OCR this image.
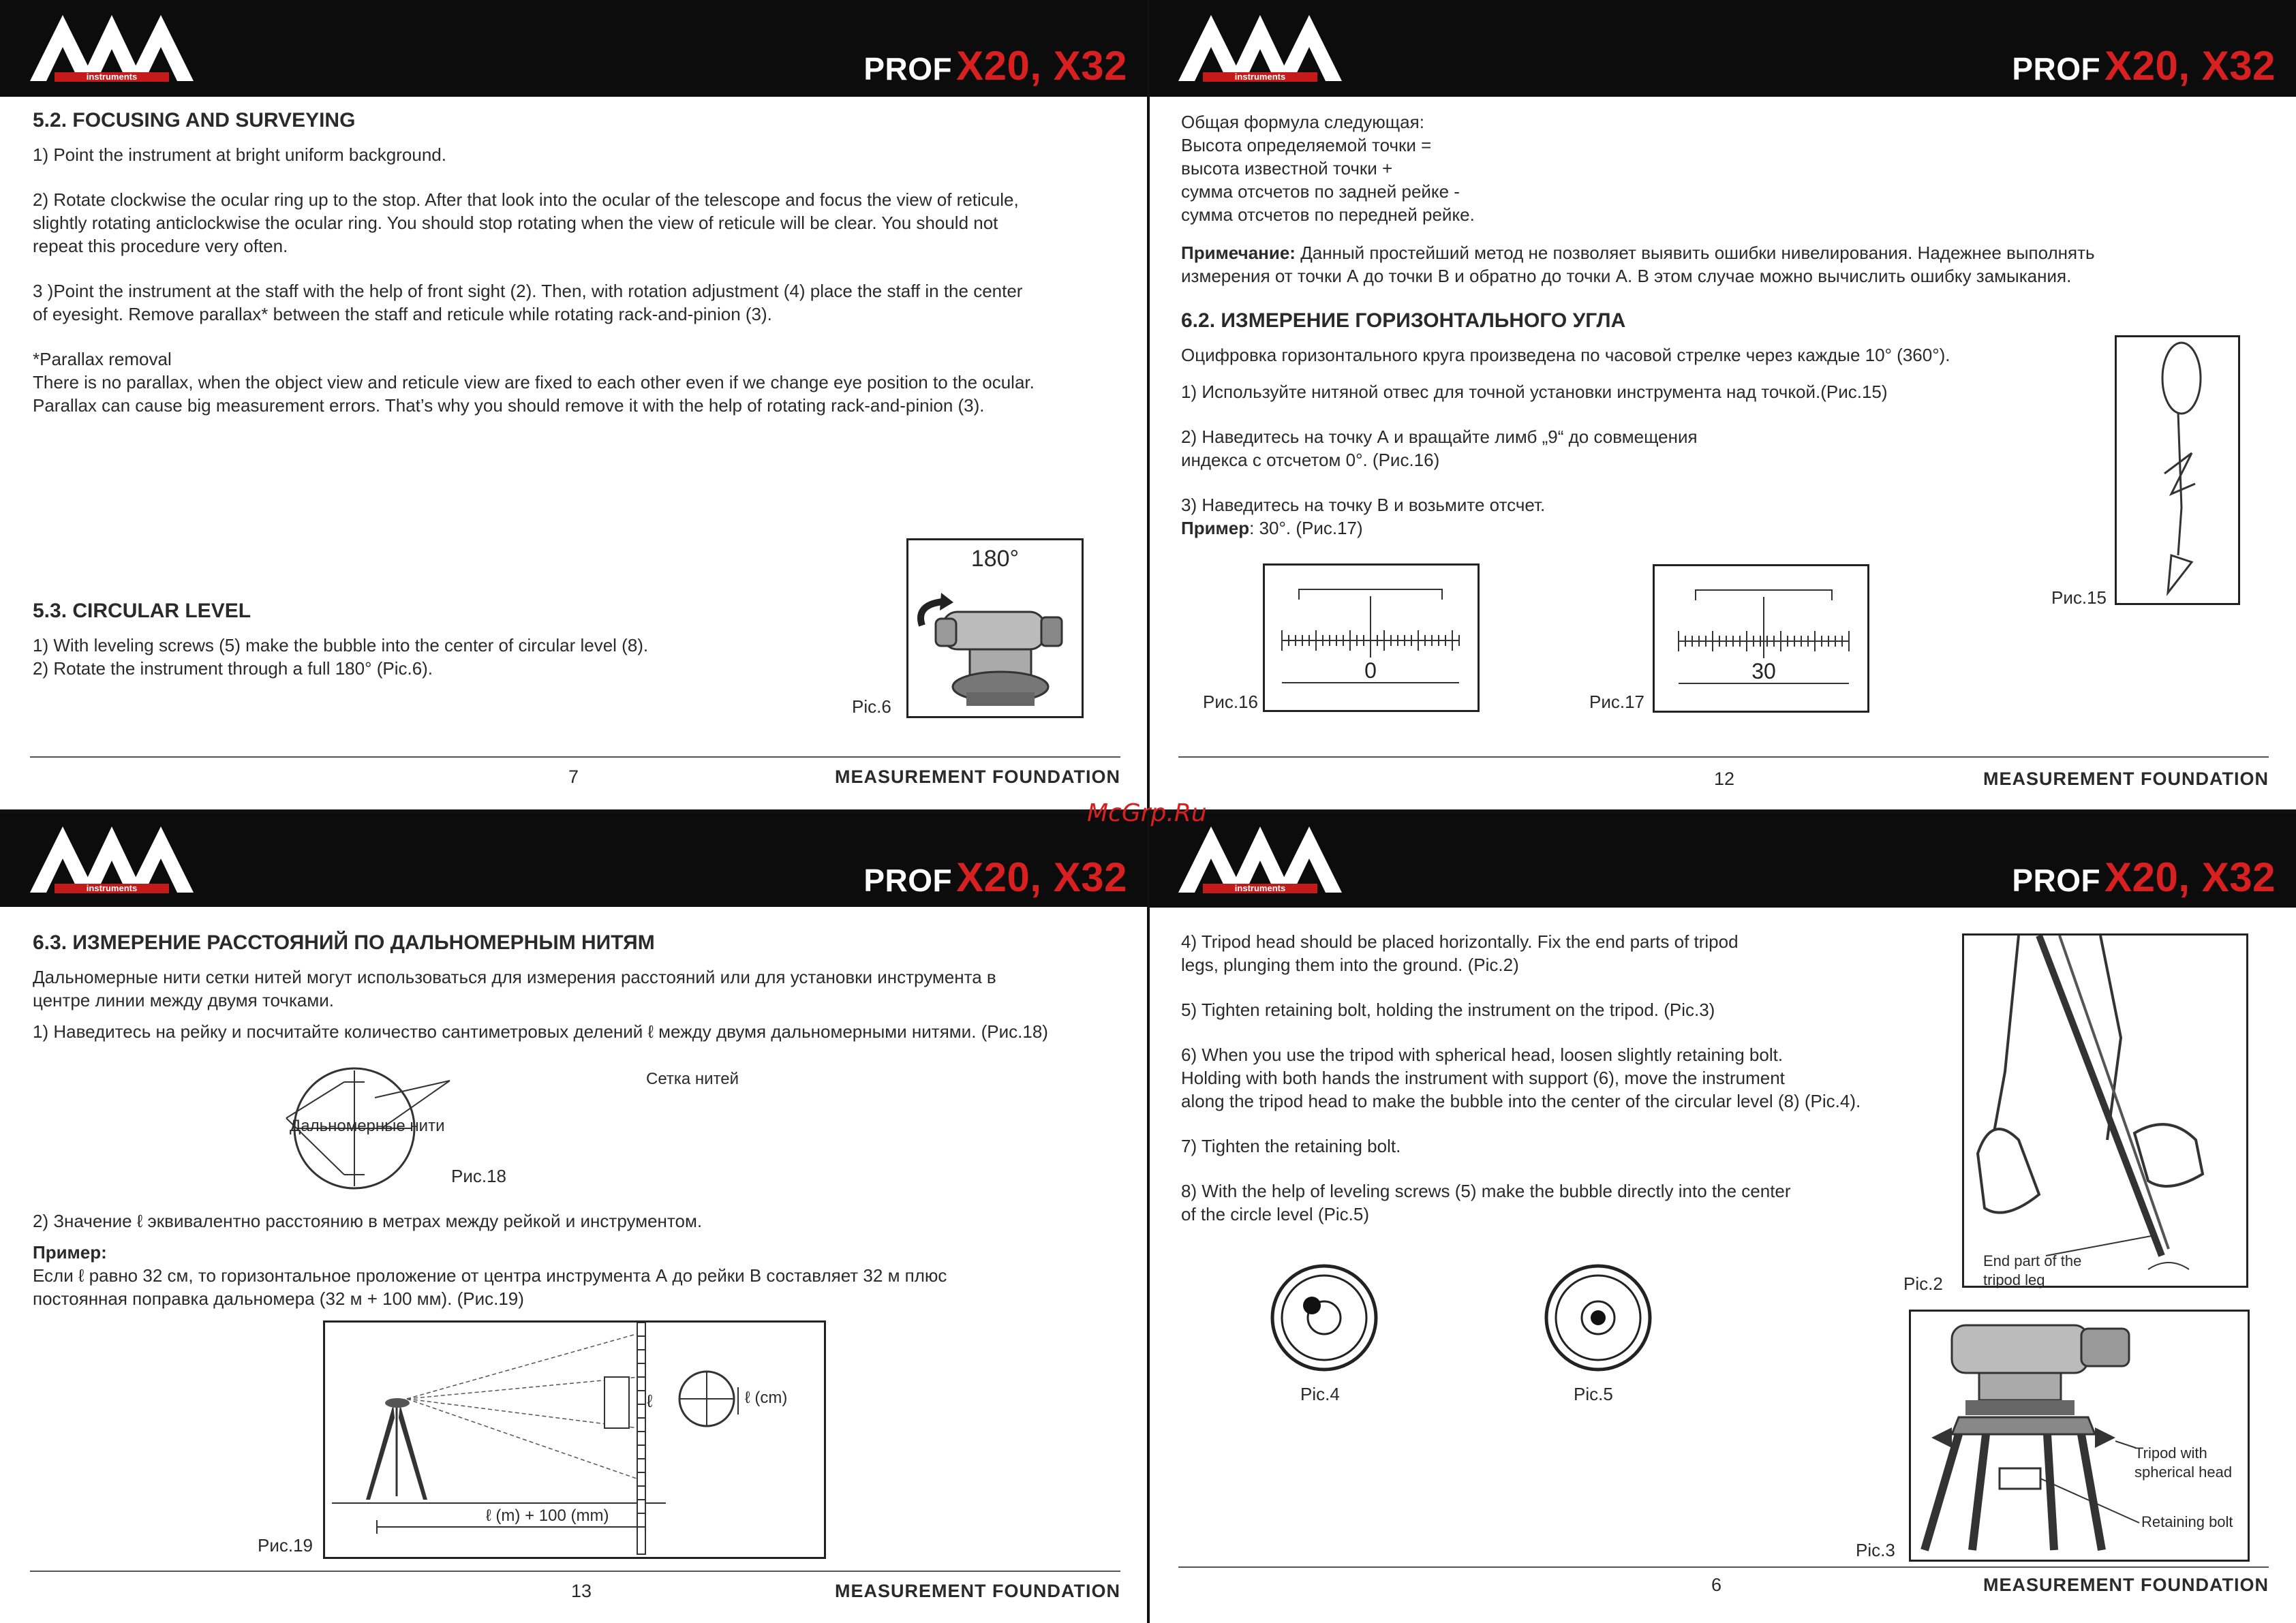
instruments	PROF X20, X32
5.2. FOCUSING AND SURVEYING

1) Point the instrument at bright uniform background.

2) Rotate clockwise the ocular ring up to the stop. After that look into the ocular of the telescope and focus the view of reticule,
slightly rotating anticlockwise the ocular ring. You should stop rotating when the view of reticule will be clear. You should not
repeat this procedure very often.

3 )Point the instrument at the staff with the help of front sight (2). Then, with rotation adjustment (4) place the staff in the center
of eyesight. Remove parallax* between the staff and reticule while rotating rack-and-pinion (3).

*Parallax removal
There is no parallax, when the object view and reticule view are fixed to each other even if we change eye position to the ocular.
Parallax can cause big measurement errors. That’s why you should remove it with the help of rotating rack-and-pinion (3).

5.3. CIRCULAR LEVEL
1) With leveling screws (5) make the bubble into the center of circular level (8).
2) Rotate the instrument through a full 180° (Pic.6).
180°
Pic.6
7	MEASUREMENT FOUNDATION
instruments	PROF X20, X32
Общая формула следующая:
Высота определяемой точки =
высота известной точки +
сумма отсчетов по задней рейке -
сумма отсчетов по передней рейке.

Примечание: Данный простейший метод не позволяет выявить ошибки нивелирования. Надежнее выполнять
измерения от точки А до точки В и обратно до точки А. В этом случае можно вычислить ошибку замыкания.

6.2. ИЗМЕРЕНИЕ ГОРИЗОНТАЛЬНОГО УГЛА

Оцифровка горизонтального круга произведена по часовой стрелке через каждые 10° (360°).

1) Используйте нитяной отвес для точной установки инструмента над точкой.(Рис.15)

2) Наведитесь на точку А и вращайте лимб „9“ до совмещения
индекса с отсчетом 0°. (Рис.16)

3) Наведитесь на точку В и возьмите отсчет.
Пример: 30°. (Рис.17)
Рис.15
0
Рис.16
30
Рис.17
12	MEASUREMENT FOUNDATION
instruments	PROF X20, X32
6.3. ИЗМЕРЕНИЕ РАССТОЯНИЙ ПО ДАЛЬНОМЕРНЫМ НИТЯМ

Дальномерные нити сетки нитей могут использоваться для измерения расстояний или для установки инструмента в
центре линии между двумя точками.

1) Наведитесь на рейку и посчитайте количество сантиметровых делений ℓ между двумя дальномерными нитями. (Рис.18)
Сетка нитей
Дальномерные нити
Рис.18
2) Значение ℓ эквивалентно расстоянию в метрах между рейкой и инструментом.
Пример:
Если ℓ равно 32 см, то горизонтальное проложение от центра инструмента А до рейки В составляет 32 м плюс
постоянная поправка дальномера (32 м + 100 мм). (Рис.19)
ℓ	ℓ (cm)
ℓ (m) + 100 (mm)
Рис.19
13	MEASUREMENT FOUNDATION
instruments	PROF X20, X32

4) Tripod head should be placed horizontally. Fix the end parts of tripod
legs, plunging them into the ground. (Pic.2)

5) Tighten retaining bolt, holding the instrument on the tripod. (Pic.3)

6) When you use the tripod with spherical head, loosen slightly retaining bolt.
Holding with both hands the instrument with support (6), move the instrument
along the tripod head to make the bubble into the center of the circular level (8) (Pic.4).

7) Tighten the retaining bolt.

8) With the help of leveling screws (5) make the bubble directly into the center
of the circle level (Pic.5)

Pic.4	Pic.5
End part of the
tripod leg
Pic.2
Tripod with
spherical head
Retaining bolt
Pic.3
6	MEASUREMENT FOUNDATION
McGrp.Ru
